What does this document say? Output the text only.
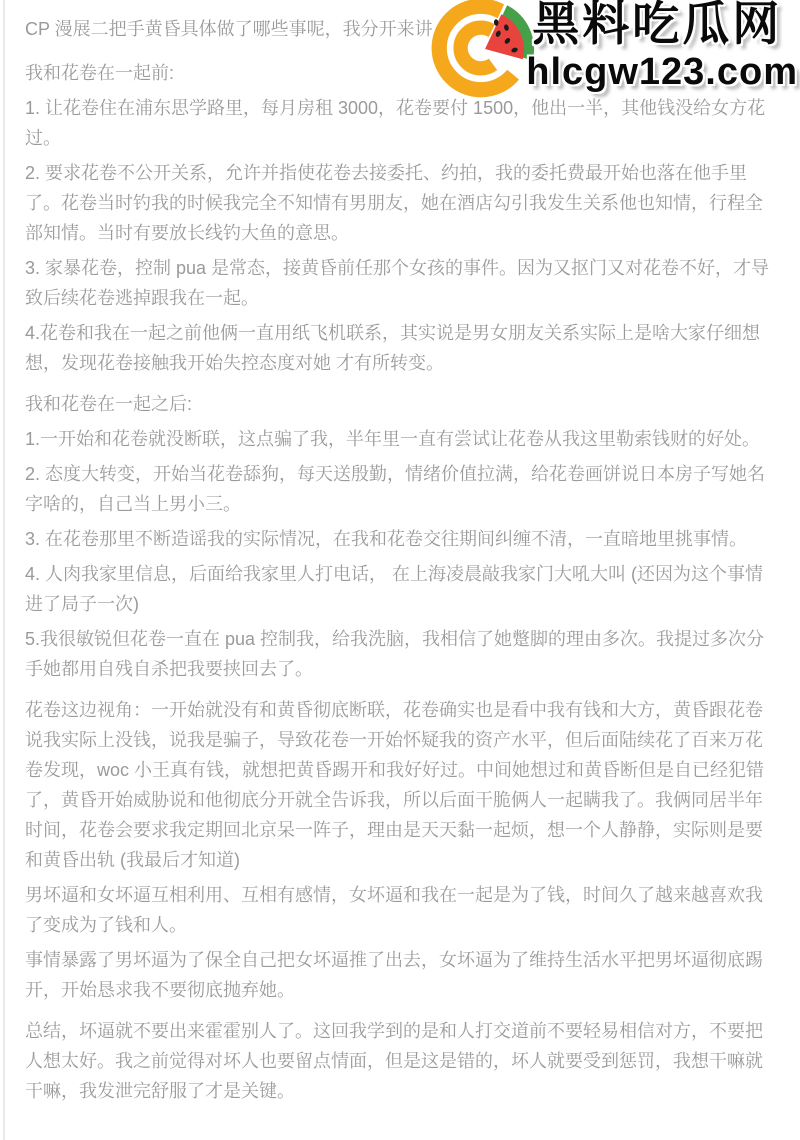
CP 漫展二把手黄昏具体做了哪些事呢，我分开来讲

我和花卷在一起前:

1. 让花卷住在浦东思学路里，每月房租 3000，花卷要付 1500，他出一半，其他钱没给女方花过。

2. 要求花卷不公开关系，允许并指使花卷去接委托、约拍，我的委托费最开始也落在他手里了。花卷当时钓我的时候我完全不知情有男朋友，她在酒店勾引我发生关系他也知情，行程全部知情。当时有要放长线钓大鱼的意思。

3. 家暴花卷，控制 pua 是常态，接黄昏前任那个女孩的事件。因为又抠门又对花卷不好，才导致后续花卷逃掉跟我在一起。

4.花卷和我在一起之前他俩一直用纸飞机联系，其实说是男女朋友关系实际上是啥大家仔细想想，发现花卷接触我开始失控态度对她 才有所转变。

我和花卷在一起之后:

1.一开始和花卷就没断联，这点骗了我，半年里一直有尝试让花卷从我这里勒索钱财的好处。

2. 态度大转变，开始当花卷舔狗，每天送殷勤，情绪价值拉满，给花卷画饼说日本房子写她名字啥的，自己当上男小三。

3. 在花卷那里不断造谣我的实际情况，在我和花卷交往期间纠缠不清，一直暗地里挑事情。

4. 人肉我家里信息，后面给我家里人打电话， 在上海凌晨敲我家门大吼大叫 (还因为这个事情进了局子一次)

5.我很敏锐但花卷一直在 pua 控制我，给我洗脑，我相信了她蹩脚的理由多次。我提过多次分手她都用自残自杀把我要挟回去了。

花卷这边视角：一开始就没有和黄昏彻底断联，花卷确实也是看中我有钱和大方，黄昏跟花卷说我实际上没钱，说我是骗子，导致花卷一开始怀疑我的资产水平，但后面陆续花了百来万花卷发现，woc 小王真有钱，就想把黄昏踢开和我好好过。中间她想过和黄昏断但是自已经犯错了，黄昏开始威胁说和他彻底分开就全告诉我，所以后面干脆俩人一起瞒我了。我俩同居半年时间，花卷会要求我定期回北京呆一阵子，理由是天天黏一起烦，想一个人静静，实际则是要和黄昏出轨 (我最后才知道)

男坏逼和女坏逼互相利用、互相有感情，女坏逼和我在一起是为了钱，时间久了越来越喜欢我了变成为了钱和人。

事情暴露了男坏逼为了保全自己把女坏逼推了出去，女坏逼为了维持生活水平把男坏逼彻底踢开，开始恳求我不要彻底抛弃她。

总结，坏逼就不要出来霍霍别人了。这回我学到的是和人打交道前不要轻易相信对方，不要把人想太好。我之前觉得对坏人也要留点情面，但是这是错的，坏人就要受到惩罚，我想干嘛就干嘛，我发泄完舒服了才是关键。

黑料吃瓜网
hlcgw123.com
